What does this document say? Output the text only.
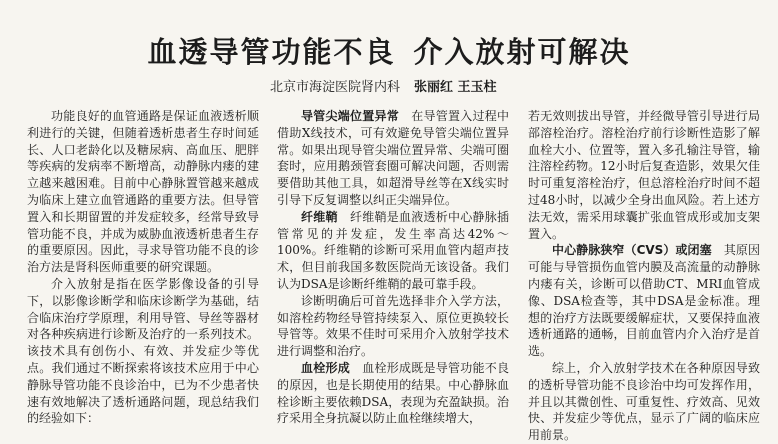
血透导管功能不良 介入放射可解决
北京市海淀医院肾内科 张丽红 王玉柱

功能良好的血管通路是保证血液透析顺利进行的关键，但随着透析患者生存时间延长、人口老龄化以及糖尿病、高血压、肥胖等疾病的发病率不断增高，动静脉内瘘的建立越来越困难。目前中心静脉置管越来越成为临床上建立血管通路的重要方法。但导管置入和长期留置的并发症较多，经常导致导管功能不良，并成为威胁血液透析患者生存的重要原因。因此，寻求导管功能不良的诊治方法是肾科医师重要的研究课题。

介入放射是指在医学影像设备的引导下，以影像诊断学和临床诊断学为基础，结合临床治疗学原理，利用导管、导丝等器材对各种疾病进行诊断及治疗的一系列技术。该技术具有创伤小、有效、并发症少等优点。我们通过不断探索将该技术应用于中心静脉导管功能不良诊治中，已为不少患者快速有效地解决了透析通路问题，现总结我们的经验如下：

导管尖端位置异常　 在导管置入过程中借助X线技术，可有效避免导管尖端位置异常。如果出现导管尖端位置异常、尖端可圈套时，应用鹅颈管套圈可解决问题，否则需要借助其他工具，如超滑导丝等在X线实时引导下反复调整以纠正尖端异位。

纤维鞘　 纤维鞘是血液透析中心静脉插管常见的并发症，发生率高达42%～100%。纤维鞘的诊断可采用血管内超声技术，但目前我国多数医院尚无该设备。我们认为DSA是诊断纤维鞘的最可靠手段。

诊断明确后可首先选择非介入学方法，如溶栓药物经导管持续泵入、原位更换较长导管等。效果不佳时可采用介入放射学技术进行调整和治疗。

血栓形成　 血栓形成既是导管功能不良的原因，也是长期使用的结果。中心静脉血栓诊断主要依赖DSA，表现为充盈缺损。治疗采用全身抗凝以防止血栓继续增大，

若无效则拔出导管，并经微导管引导进行局部溶栓治疗。溶栓治疗前行诊断性造影了解血栓大小、位置等，置入多孔输注导管，输注溶栓药物。12小时后复查造影，效果欠佳时可重复溶栓治疗，但总溶栓治疗时间不超过48小时，以减少全身出血风险。若上述方法无效，需采用球囊扩张血管成形或加支架置入。

中心静脉狭窄（CVS）或闭塞　 其原因可能与导管损伤血管内膜及高流量的动静脉内瘘有关，诊断可以借助CT、MRI血管成像、DSA检查等，其中DSA是金标准。理想的治疗方法既要缓解症状，又要保持血液透析通路的通畅，目前血管内介入治疗是首选。

综上，介入放射学技术在各种原因导致的透析导管功能不良诊治中均可发挥作用，并且以其微创性、可重复性、疗效高、见效快、并发症少等优点，显示了广阔的临床应用前景。
